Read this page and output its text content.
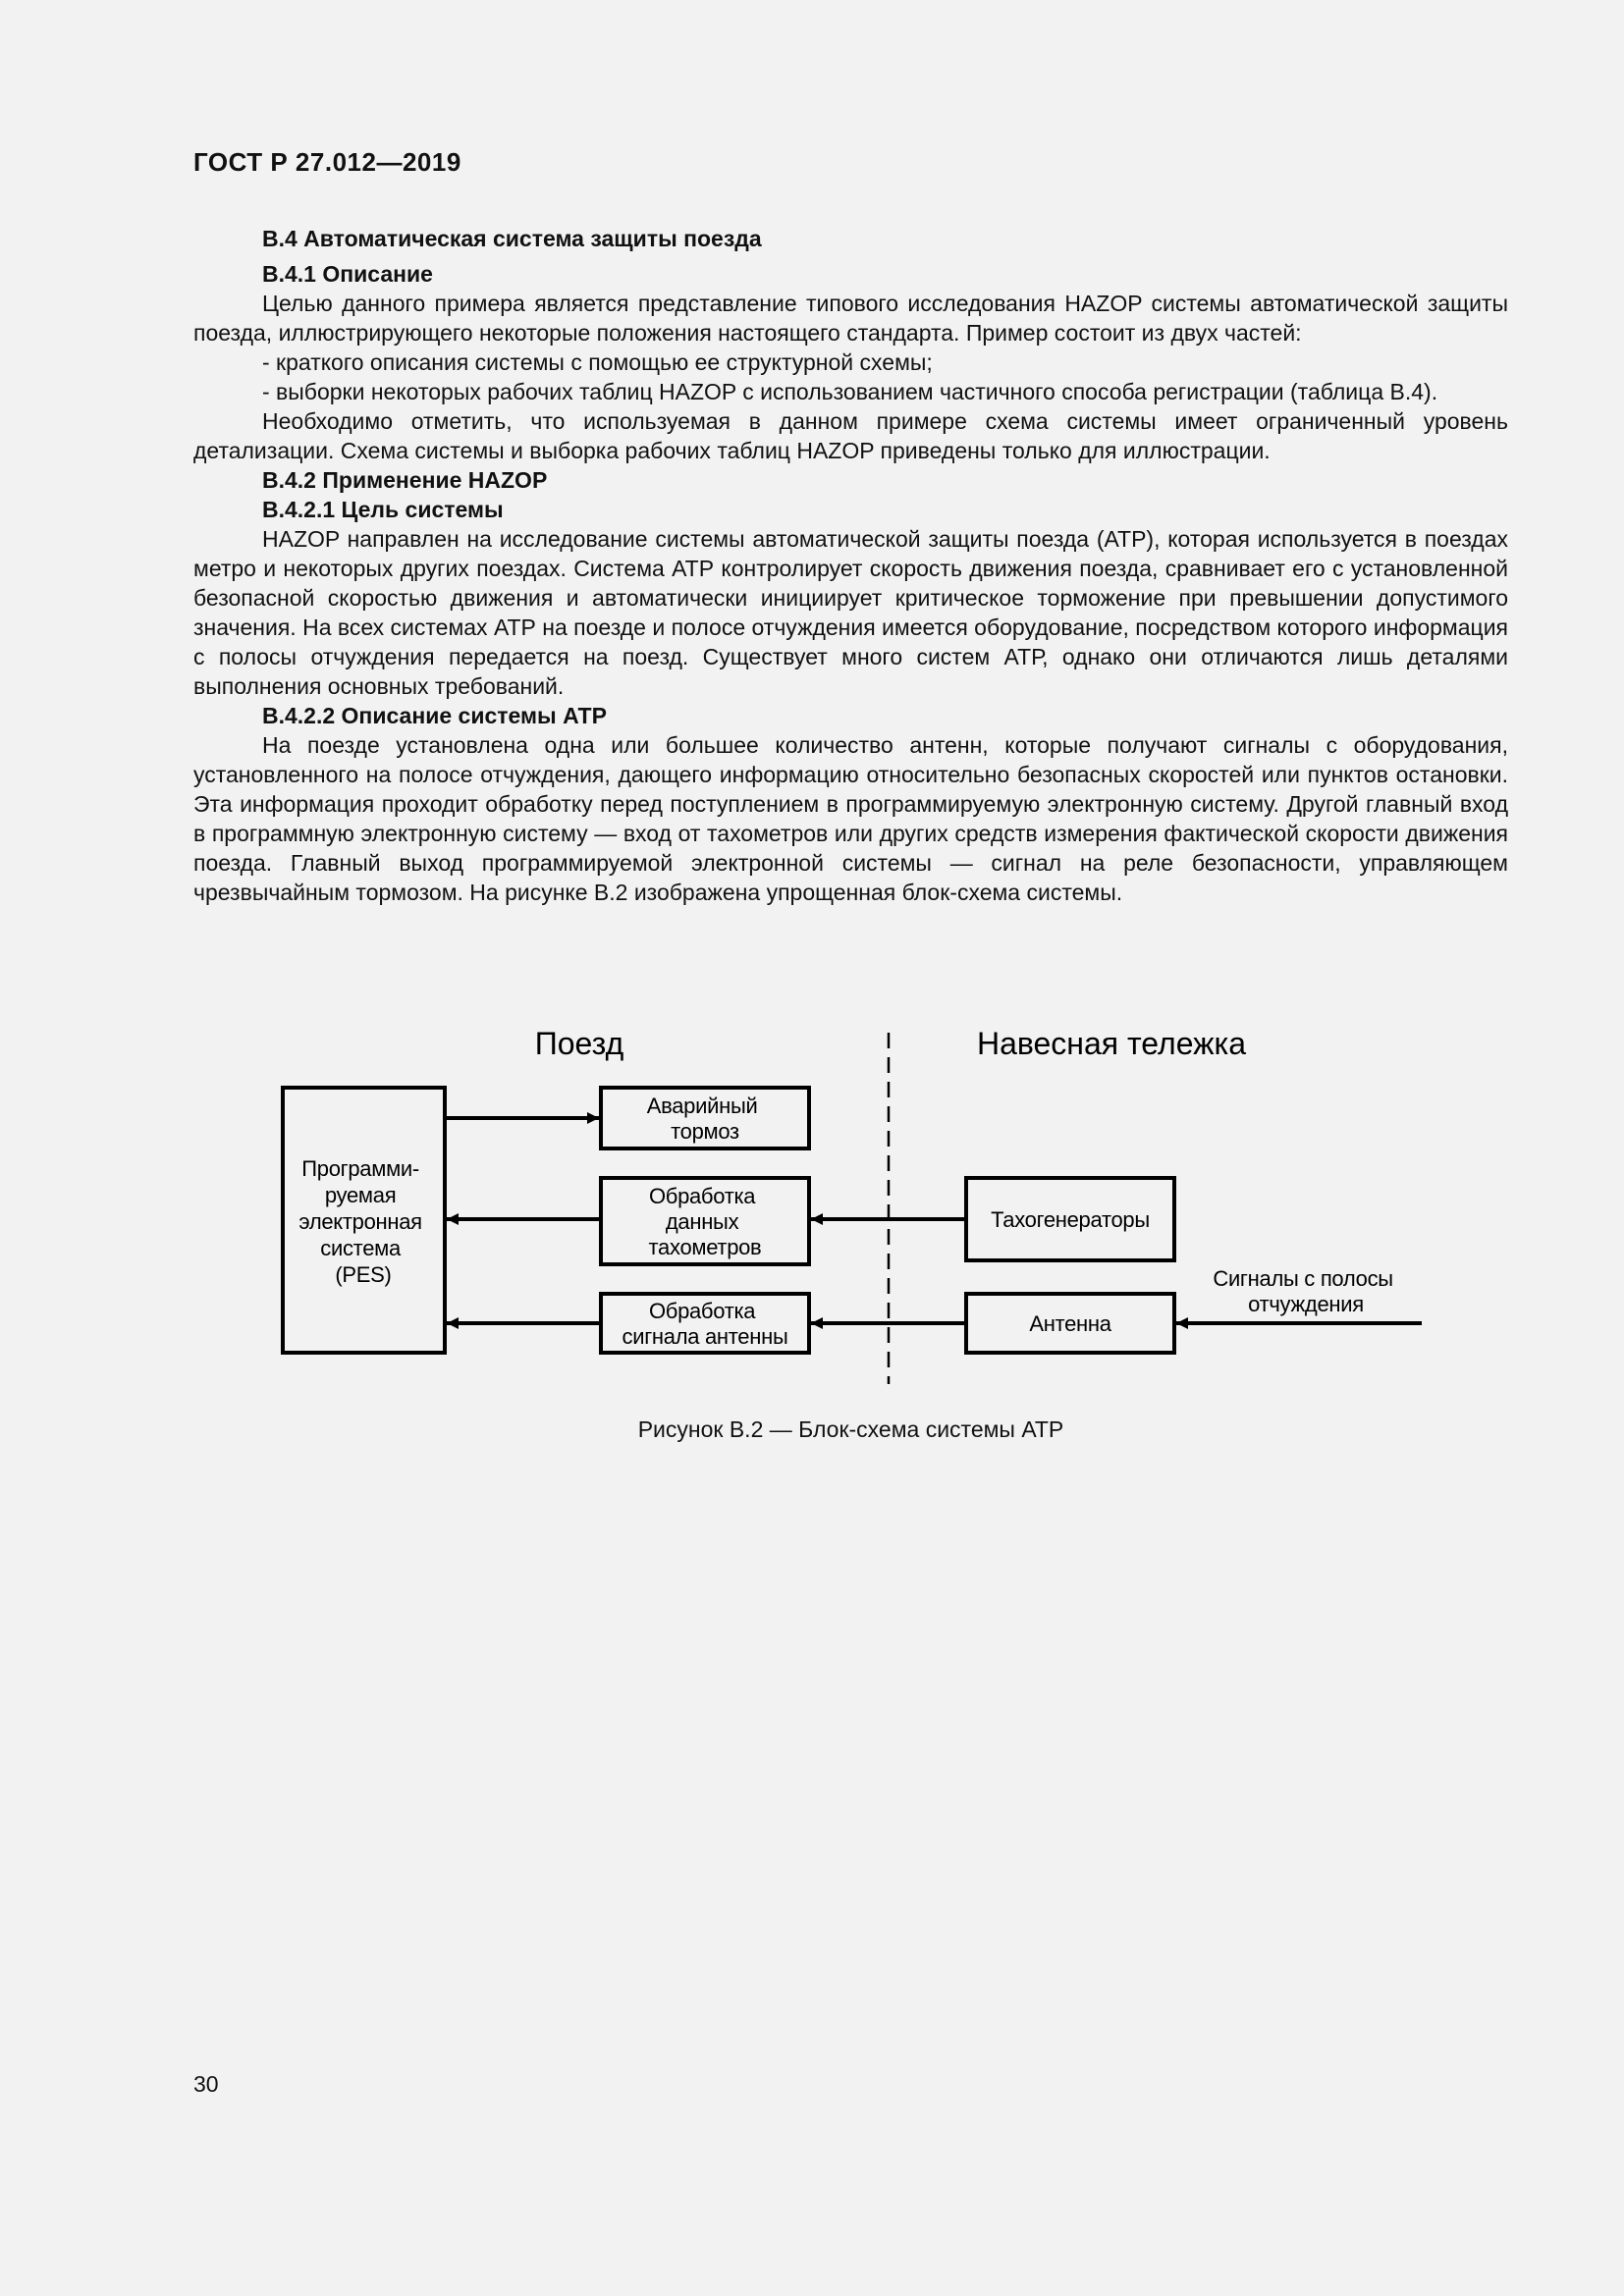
ГОСТ Р 27.012—2019

В.4 Автоматическая система защиты поезда

В.4.1 Описание

Целью данного примера является представление типового исследования HAZOP системы автоматической защиты поезда, иллюстрирующего некоторые положения настоящего стандарта. Пример состоит из двух частей:

- краткого описания системы с помощью ее структурной схемы;

- выборки некоторых рабочих таблиц HAZOP с использованием частичного способа регистрации (таблица В.4).

Необходимо отметить, что используемая в данном примере схема системы имеет ограниченный уровень детализации. Схема системы и выборка рабочих таблиц HAZOP приведены только для иллюстрации.

В.4.2 Применение HAZOP

В.4.2.1 Цель системы

HAZOP направлен на исследование системы автоматической защиты поезда (АТР), которая используется в поездах метро и некоторых других поездах. Система АТР контролирует скорость движения поезда, сравнивает его с установленной безопасной скоростью движения и автоматически инициирует критическое торможение при превышении допустимого значения. На всех системах АТР на поезде и полосе отчуждения имеется оборудование, посредством которого информация с полосы отчуждения передается на поезд. Существует много систем АТР, однако они отличаются лишь деталями выполнения основных требований.

В.4.2.2 Описание системы АТР

На поезде установлена одна или большее количество антенн, которые получают сигналы с оборудования, установленного на полосе отчуждения, дающего информацию относительно безопасных скоростей или пунктов остановки. Эта информация проходит обработку перед поступлением в программируемую электронную систему. Другой главный вход в программную электронную систему — вход от тахометров или других средств измерения фактической скорости движения поезда. Главный выход программируемой электронной системы — сигнал на реле безопасности, управляющем чрезвычайным тормозом. На рисунке В.2 изображена упрощенная блок-схема системы.

Поезд	Навесная тележка
Программи- руемая электронная система (PES)
Аварийный тормоз
Обработка данных тахометров
Обработка сигнала антенны
Тахогенераторы
Антенна
Сигналы с полосы отчуждения

Рисунок В.2 — Блок-схема системы АТР

30
